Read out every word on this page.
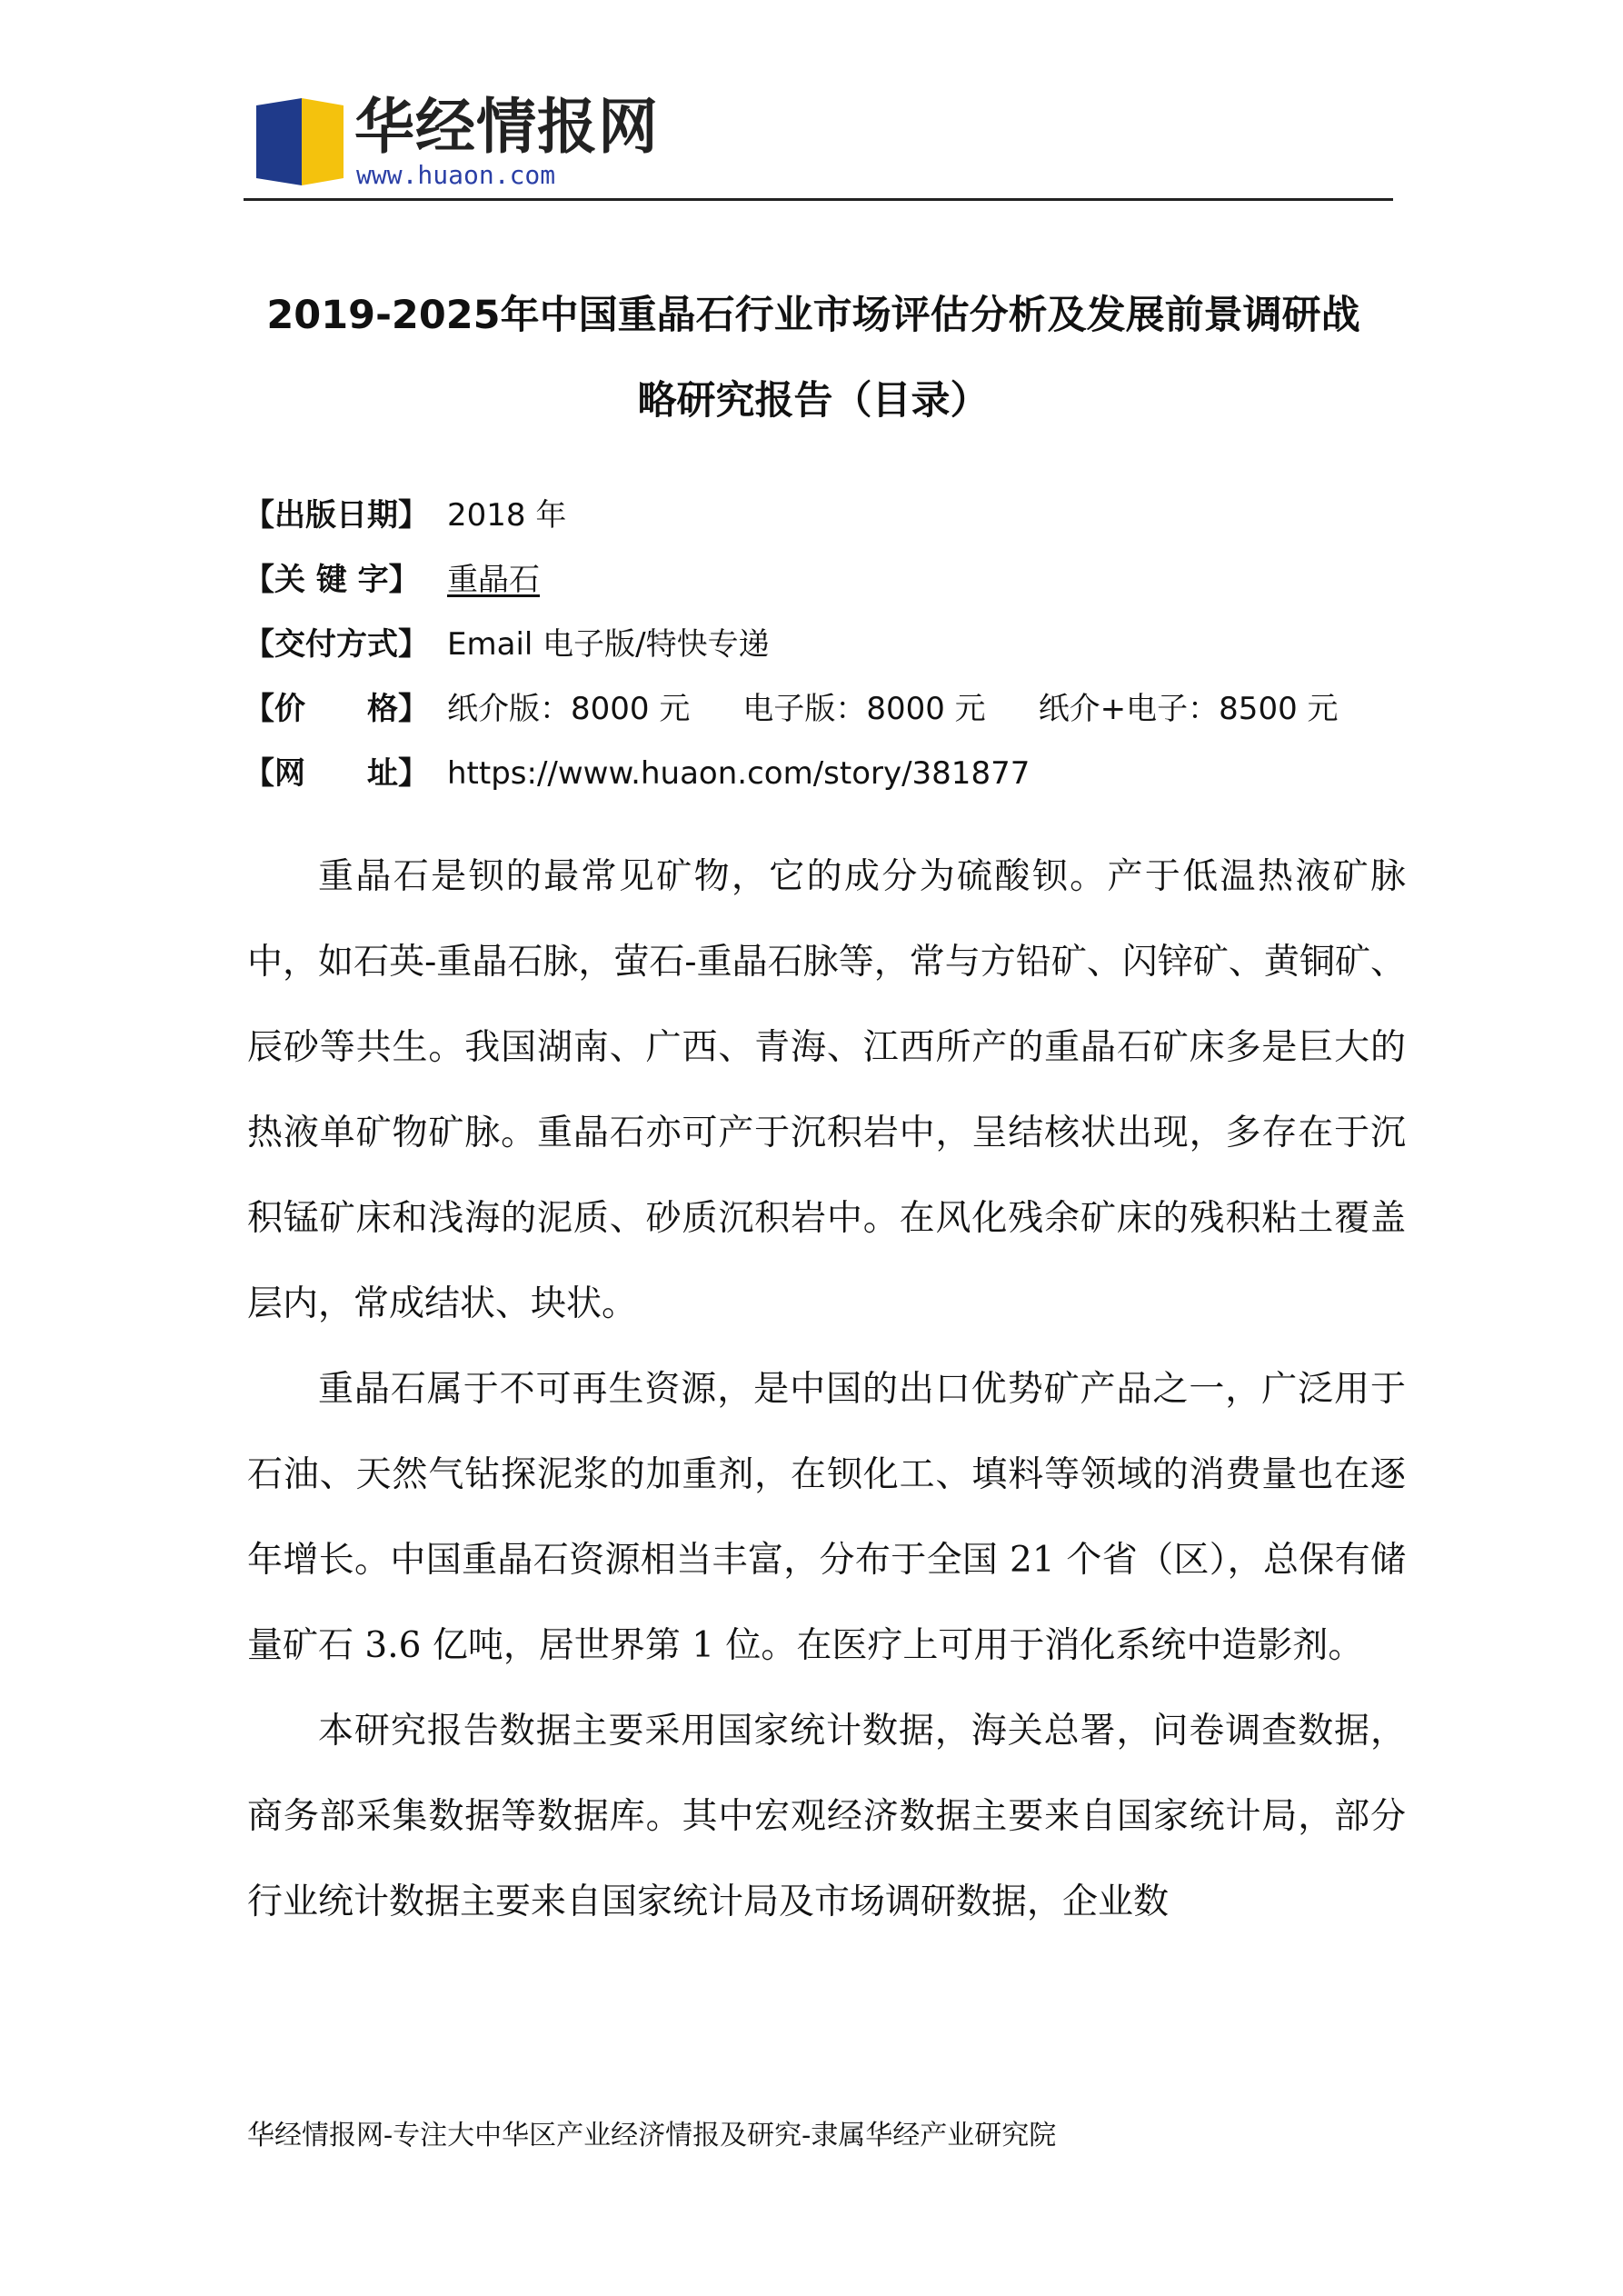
华经情报网
www.huaon.com
2019-2025年中国重晶石行业市场评估分析及发展前景调研战
略研究报告（目录）
【出版日期】 2018 年
【关 键 字】 重晶石
【交付方式】 Email 电子版/特快专递
【价　　格】 纸介版：8000 元 电子版：8000 元 纸介+电子：8500 元
【网　　址】 https://www.huaon.com/story/381877

重晶石是钡的最常见矿物，它的成分为硫酸钡。产于低温热液矿脉中，如石英-重晶石脉，萤石-重晶石脉等，常与方铅矿、闪锌矿、黄铜矿、辰砂等共生。我国湖南、广西、青海、江西所产的重晶石矿床多是巨大的热液单矿物矿脉。重晶石亦可产于沉积岩中，呈结核状出现，多存在于沉积锰矿床和浅海的泥质、砂质沉积岩中。在风化残余矿床的残积粘土覆盖层内，常成结状、块状。

重晶石属于不可再生资源，是中国的出口优势矿产品之一，广泛用于石油、天然气钻探泥浆的加重剂，在钡化工、填料等领域的消费量也在逐年增长。中国重晶石资源相当丰富，分布于全国 21 个省（区），总保有储量矿石 3.6 亿吨，居世界第 1 位。在医疗上可用于消化系统中造影剂。

本研究报告数据主要采用国家统计数据，海关总署，问卷调查数据，商务部采集数据等数据库。其中宏观经济数据主要来自国家统计局，部分行业统计数据主要来自国家统计局及市场调研数据，企业数

华经情报网-专注大中华区产业经济情报及研究-隶属华经产业研究院
